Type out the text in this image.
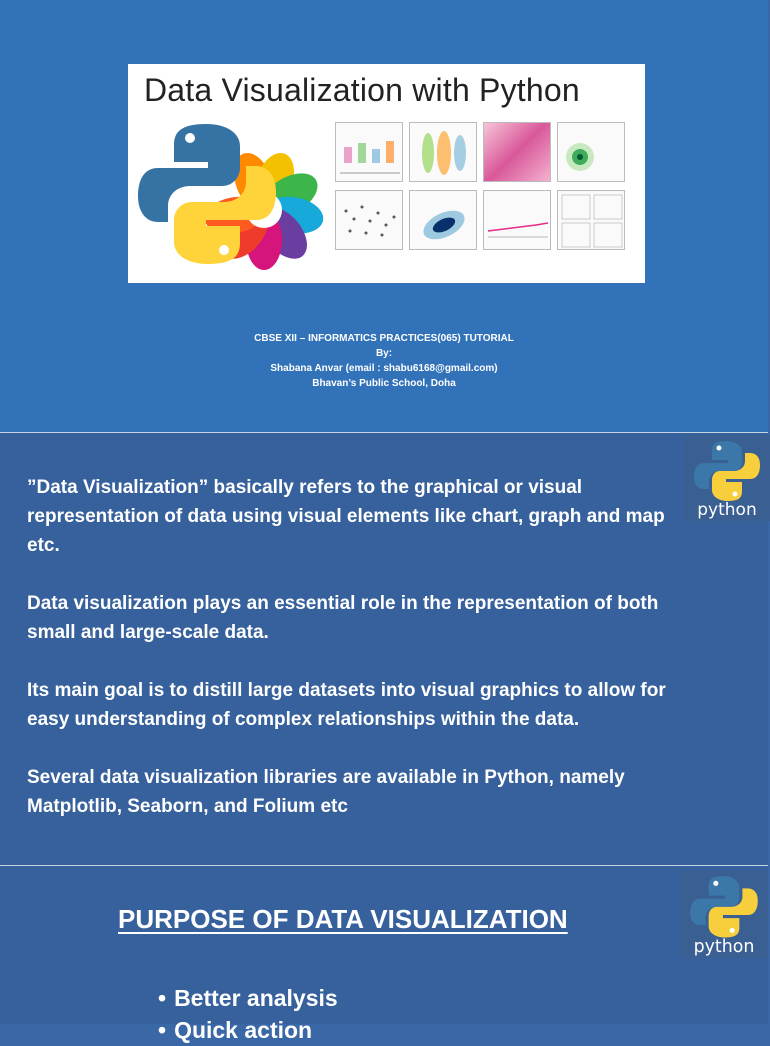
Data Visualization with Python
CBSE XII – INFORMATICS PRACTICES(065) TUTORIAL
By:
Shabana Anvar (email : shabu6168@gmail.com)
Bhavan’s Public School, Doha

”Data Visualization” basically refers to the graphical or visual representation of data using visual elements like chart, graph and map etc.

Data visualization plays an essential role in the representation of both small and large-scale data.

Its main goal is to distill large datasets into visual graphics to allow for easy understanding of complex relationships within the data.

Several data visualization libraries are available in Python, namely Matplotlib, Seaborn, and Folium etc

python
PURPOSE OF DATA VISUALIZATION
• Better analysis
• Quick action
python
